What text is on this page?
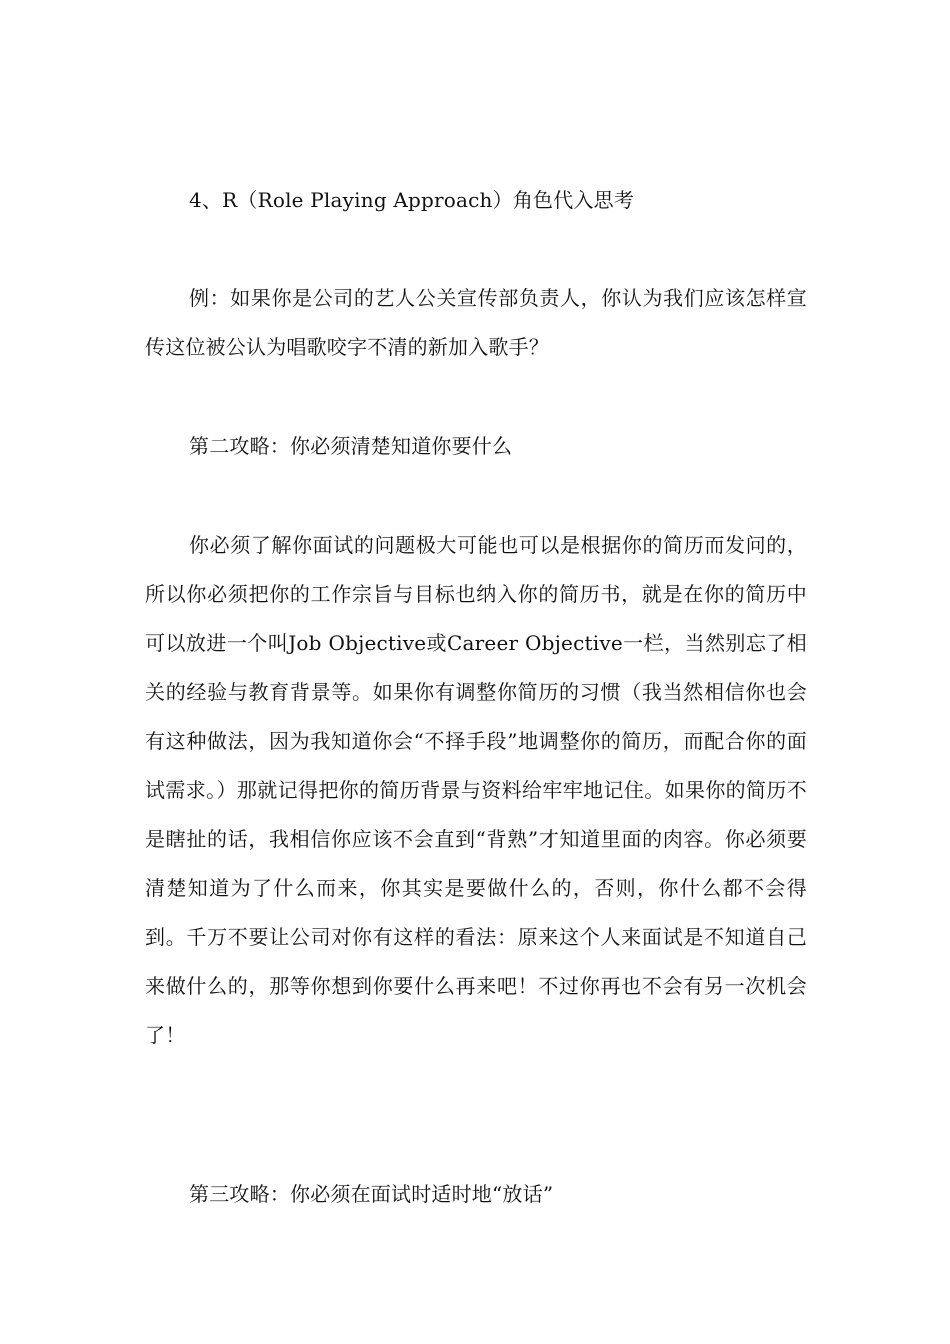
4、R（Role Playing Approach）角色代入思考

例：如果你是公司的艺人公关宣传部负责人，你认为我们应该怎样宣传这位被公认为唱歌咬字不清的新加入歌手？

第二攻略：你必须清楚知道你要什么

你必须了解你面试的问题极大可能也可以是根据你的简历而发问的，所以你必须把你的工作宗旨与目标也纳入你的简历书，就是在你的简历中可以放进一个叫Job Objective或Career Objective一栏，当然别忘了相关的经验与教育背景等。如果你有调整你简历的习惯（我当然相信你也会有这种做法，因为我知道你会“不择手段”地调整你的简历，而配合你的面试需求。）那就记得把你的简历背景与资料给牢牢地记住。如果你的简历不是瞎扯的话，我相信你应该不会直到“背熟”才知道里面的肉容。你必须要清楚知道为了什么而来，你其实是要做什么的，否则，你什么都不会得到。千万不要让公司对你有这样的看法：原来这个人来面试是不知道自己来做什么的，那等你想到你要什么再来吧！不过你再也不会有另一次机会了！

第三攻略：你必须在面试时适时地“放话”
